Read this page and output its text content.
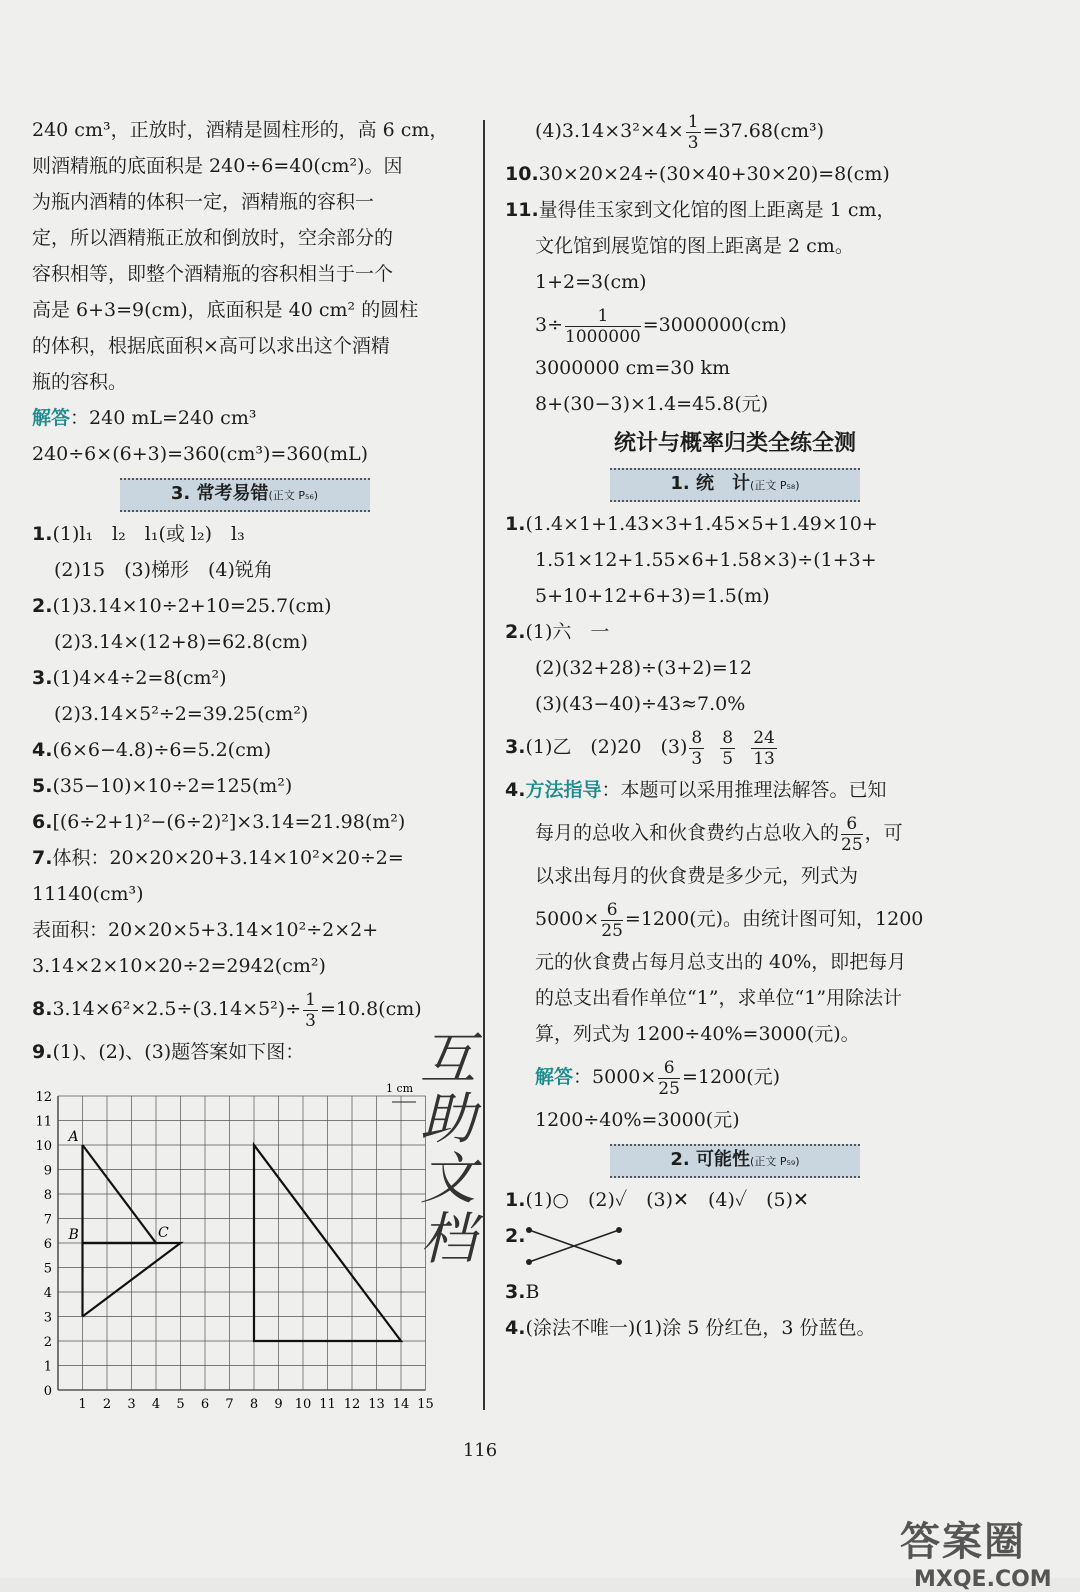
240 cm³，正放时，酒精是圆柱形的，高 6 cm，
则酒精瓶的底面积是 240÷6=40(cm²)。因
为瓶内酒精的体积一定，酒精瓶的容积一
定，所以酒精瓶正放和倒放时，空余部分的
容积相等，即整个酒精瓶的容积相当于一个
高是 6+3=9(cm)，底面积是 40 cm² 的圆柱
的体积，根据底面积×高可以求出这个酒精
瓶的容积。
解答：240 mL=240 cm³
240÷6×(6+3)=360(cm³)=360(mL)
3. 常考易错(正文 P₅₆)
1.(1)l₁　l₂　l₁(或 l₂)　l₃
(2)15　(3)梯形　(4)锐角
2.(1)3.14×10÷2+10=25.7(cm)
(2)3.14×(12+8)=62.8(cm)
3.(1)4×4÷2=8(cm²)
(2)3.14×5²÷2=39.25(cm²)
4.(6×6−4.8)÷6=5.2(cm)
5.(35−10)×10÷2=125(m²)
6.[(6÷2+1)²−(6÷2)²]×3.14=21.98(m²)
7.体积：20×20×20+3.14×10²×20÷2=
11140(cm³)
表面积：20×20×5+3.14×10²÷2×2+
3.14×2×10×20÷2=2942(cm²)
$8.3.14\times 6^2\times 2.5\div(3.14\times 5^2)\div \frac{1}{3} =10.8(cm)$
9.(1)、(2)、(3)题答案如下图：
0
1
2
3
4
5
6
7
8
9
10
11
12
1 2 3 4 5 6 7 8 9 10 11 12 13 14 15
A
B	C
1 cm 互助文档
$(4)3.14\times 3^2\times 4\times \frac{1}{3} =37.68(cm^3)$
10.30×20×24÷(30×40+30×20)=8(cm)
11.量得佳玉家到文化馆的图上距离是 1 cm，
文化馆到展览馆的图上距离是 2 cm。
1+2=3(cm)
$3\div \frac{1}{1000000} =3000000(cm)$
3000000 cm=30 km
8+(30−3)×1.4=45.8(元)
统计与概率归类全练全测
1. 统　计(正文 P₅₈)
1.(1.4×1+1.43×3+1.45×5+1.49×10+
1.51×12+1.55×6+1.58×3)÷(1+3+
5+10+12+6+3)=1.5(m)
2.(1)六　一
(2)(32+28)÷(3+2)=12
(3)(43−40)÷43≈7.0%
3.(1)乙　(2)20　$(3) \frac{8}{3}$
$\frac{8}{5}$
$\frac{24}{13}$
4.方法指导：本题可以采用推理法解答。已知
每月的总收入和伙食费约占总收入的 $\frac{6}{25}$ ，可
以求出每月的伙食费是多少元，列式为
$5000\times \frac{6}{25} =1200$(元)。由统计图可知，1200
元的伙食费占每月总支出的 40%，即把每月
的总支出看作单位“1”，求单位“1”用除法计
算，列式为 1200÷40%=3000(元)。
解答：$5000\times \frac{6}{25} =1200$(元)
1200÷40%=3000(元)
2. 可能性(正文 P₅₉)
1.(1)○　(2)✓　(3)✕　(4)✓　(5)✕
2.
3.B
4.(涂法不唯一)(1)涂 5 份红色，3 份蓝色。
116
答案圈
MXQE.COM
